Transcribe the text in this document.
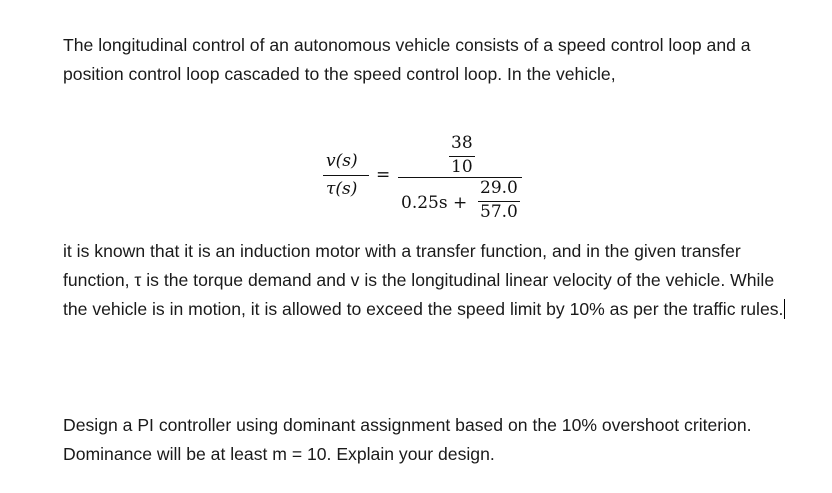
The longitudinal control of an autonomous vehicle consists of a speed control loop and a position control loop cascaded to the speed control loop. In the vehicle,

v(s)
τ(s)
=
38
10
0.25s +
29.0
57.0

it is known that it is an induction motor with a transfer function, and in the given transfer function, τ is the torque demand and v is the longitudinal linear velocity of the vehicle. While the vehicle is in motion, it is allowed to exceed the speed limit by 10% as per the traffic rules.

Design a PI controller using dominant assignment based on the 10% overshoot criterion. Dominance will be at least m = 10. Explain your design.
